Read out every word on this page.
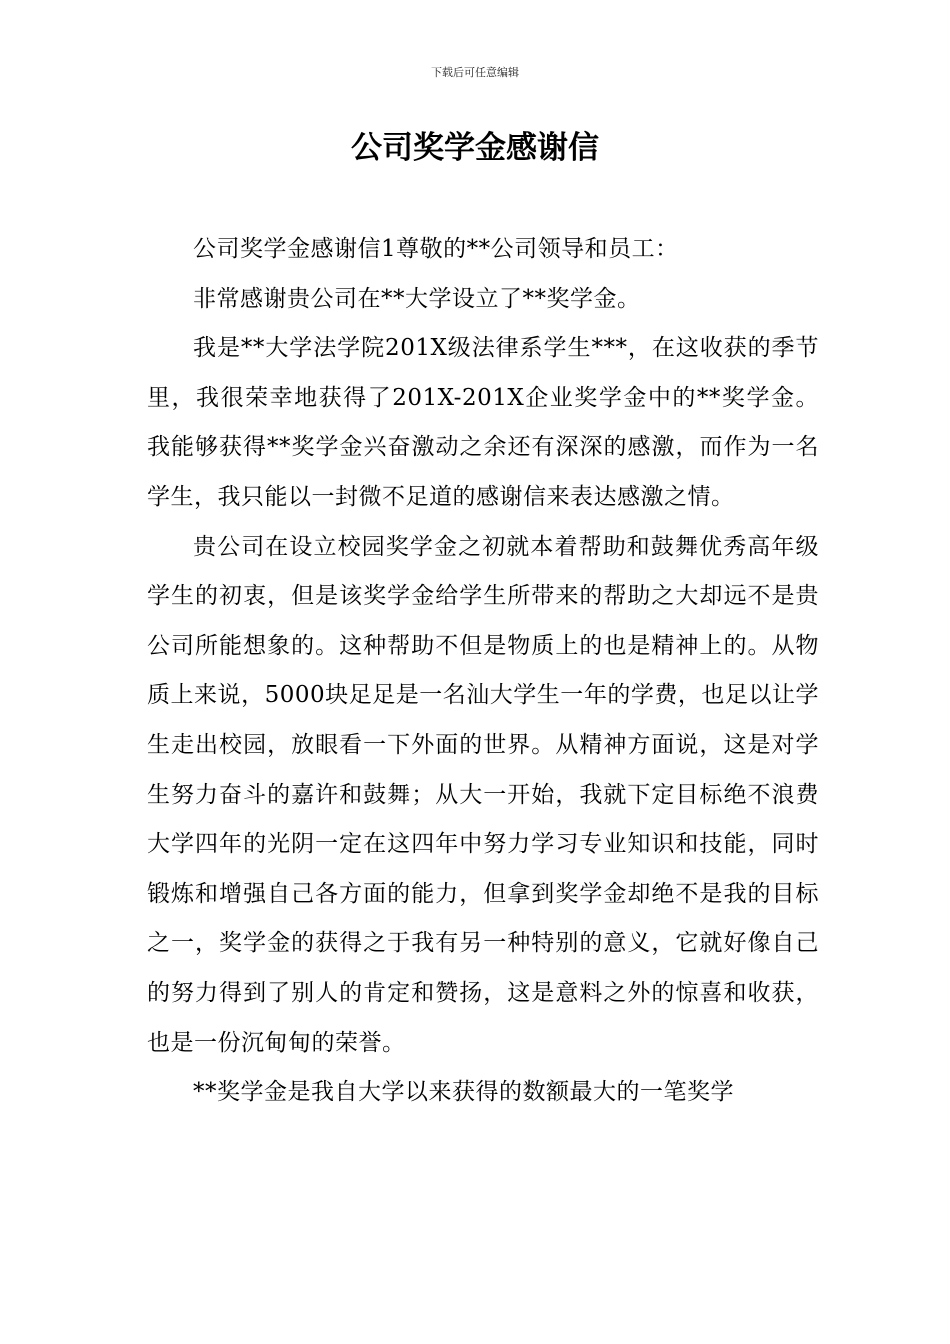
下载后可任意编辑
公司奖学金感谢信

公司奖学金感谢信1尊敬的**公司领导和员工：

非常感谢贵公司在**大学设立了**奖学金。

我是**大学法学院201X级法律系学生***，在这收获的季节里，我很荣幸地获得了201X-201X企业奖学金中的**奖学金。我能够获得**奖学金兴奋激动之余还有深深的感激，而作为一名学生，我只能以一封微不足道的感谢信来表达感激之情。

贵公司在设立校园奖学金之初就本着帮助和鼓舞优秀高年级学生的初衷，但是该奖学金给学生所带来的帮助之大却远不是贵公司所能想象的。这种帮助不但是物质上的也是精神上的。从物质上来说，5000块足足是一名汕大学生一年的学费，也足以让学生走出校园，放眼看一下外面的世界。从精神方面说，这是对学生努力奋斗的嘉许和鼓舞；从大一开始，我就下定目标绝不浪费大学四年的光阴一定在这四年中努力学习专业知识和技能，同时锻炼和增强自己各方面的能力，但拿到奖学金却绝不是我的目标之一，奖学金的获得之于我有另一种特别的意义，它就好像自己的努力得到了别人的肯定和赞扬，这是意料之外的惊喜和收获，也是一份沉甸甸的荣誉。

**奖学金是我自大学以来获得的数额最大的一笔奖学
